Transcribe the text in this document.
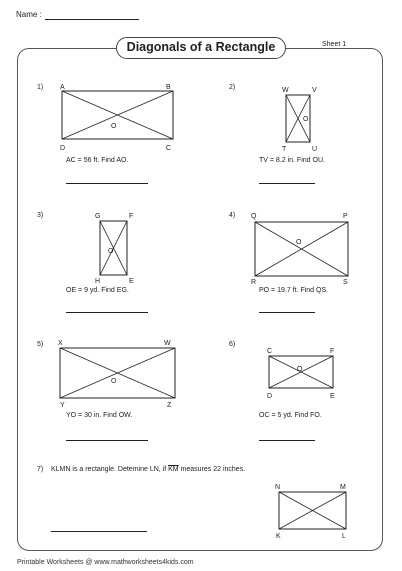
Name :
Diagonals of a Rectangle	Sheet 1
1) A	B
C
D
O
AC = 56 ft. Find AO.
2)	W	V
U
T
O
TV = 8.2 in. Find OU.
3)	G	F
E
H
O
OE = 9 yd. Find EG.
4) Q	P
S
R
O
PO = 19.7 ft. Find QS.
5) X	W
Z
Y
O
YO = 30 in. Find OW.
6)
C	F
E
D
O
OC = 5 yd. Find FO.
7) KLMN is a rectangle. Detemine LN, if $\overline{KM}$ measures 22 inches.
N	M
L
K
Printable Worksheets @ www.mathworksheets4kids.com
